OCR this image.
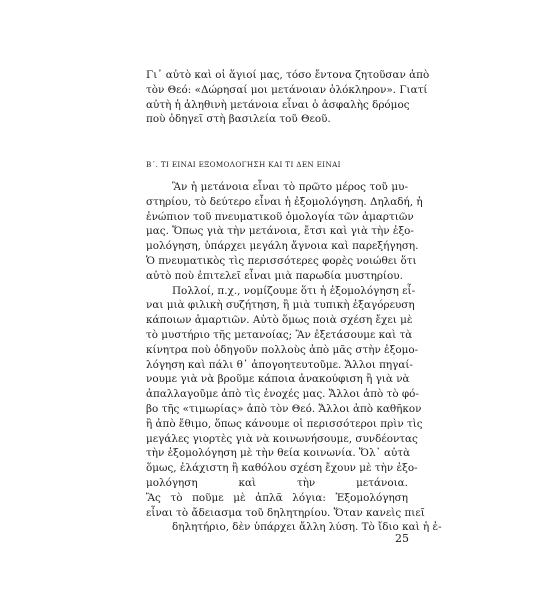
Γι᾿ αὐτὸ καὶ οἱ ἅγιοί μας, τόσο ἔντονα ζητοῦσαν ἀπὸ
τὸν Θεό: «Δώρησαί μοι μετάνοιαν ὁλόκληρον». Γιατί
αὐτὴ ἡ ἀληθινὴ μετάνοια εἶναι ὁ ἀσφαλὴς δρόμος
ποὺ ὁδηγεῖ στὴ βασιλεία τοῦ Θεοῦ.
Β΄. ΤΙ ΕΙΝΑΙ ΕΞΟΜΟΛΟΓΗΣΗ ΚΑΙ ΤΙ ΔΕΝ ΕΙΝΑΙ
Ἂν ἡ μετάνοια εἶναι τὸ πρῶτο μέρος τοῦ μυ-
στηρίου, τὸ δεύτερο εἶναι ἡ ἐξομολόγηση. Δηλαδή, ἡ
ἐνώπιον τοῦ πνευματικοῦ ὁμολογία τῶν ἁμαρτιῶν
μας. Ὅπως γιὰ τὴν μετάνοια, ἔτσι καὶ γιὰ τὴν ἐξο-
μολόγηση, ὑπάρχει μεγάλη ἄγνοια καὶ παρεξήγηση.
Ὁ πνευματικὸς τὶς περισσότερες φορὲς νοιώθει ὅτι
αὐτὸ ποὺ ἐπιτελεῖ εἶναι μιὰ παρωδία μυστηρίου.
Πολλοί, π.χ., νομίζουμε ὅτι ἡ ἐξομολόγηση εἶ-
ναι μιὰ φιλικὴ συζήτηση, ἢ μιὰ τυπικὴ ἐξαγόρευση
κάποιων ἁμαρτιῶν. Αὐτὸ ὅμως ποιὰ σχέση ἔχει μὲ
τὸ μυστήριο τῆς μετανοίας; Ἂν ἐξετάσουμε καὶ τὰ
κίνητρα ποὺ ὁδηγοῦν πολλοὺς ἀπὸ μᾶς στὴν ἐξομο-
λόγηση καὶ πάλι θ᾿ ἀπογοητευτοῦμε. Ἄλλοι πηγαί-
νουμε γιὰ νὰ βροῦμε κάποια ἀνακούφιση ἢ γιὰ νὰ
ἀπαλλαγοῦμε ἀπὸ τὶς ἐνοχές μας. Ἄλλοι ἀπὸ τὸ φό-
βο τῆς «τιμωρίας» ἀπὸ τὸν Θεό. Ἄλλοι ἀπὸ καθῆκον
ἢ ἀπὸ ἔθιμο, ὅπως κάνουμε οἱ περισσότεροι πρὶν τὶς
μεγάλες γιορτὲς γιὰ νὰ κοινωνήσουμε, συνδέοντας
τὴν ἐξομολόγηση μὲ τὴν θεία κοινωνία. Ὅλ᾿ αὐτὰ
ὅμως, ἐλάχιστη ἢ καθόλου σχέση ἔχουν μὲ τὴν ἐξο-
μολόγηση καὶ τὴν μετάνοια.
Ἂς τὸ ποῦμε μὲ ἁπλᾶ λόγια: Ἐξομολόγηση
εἶναι τὸ ἄδειασμα τοῦ δηλητηρίου. Ὅταν κανεὶς πιεῖ
δηλητήριο, δὲν ὑπάρχει ἄλλη λύση. Τὸ ἴδιο καὶ ἡ ἐ-
25
